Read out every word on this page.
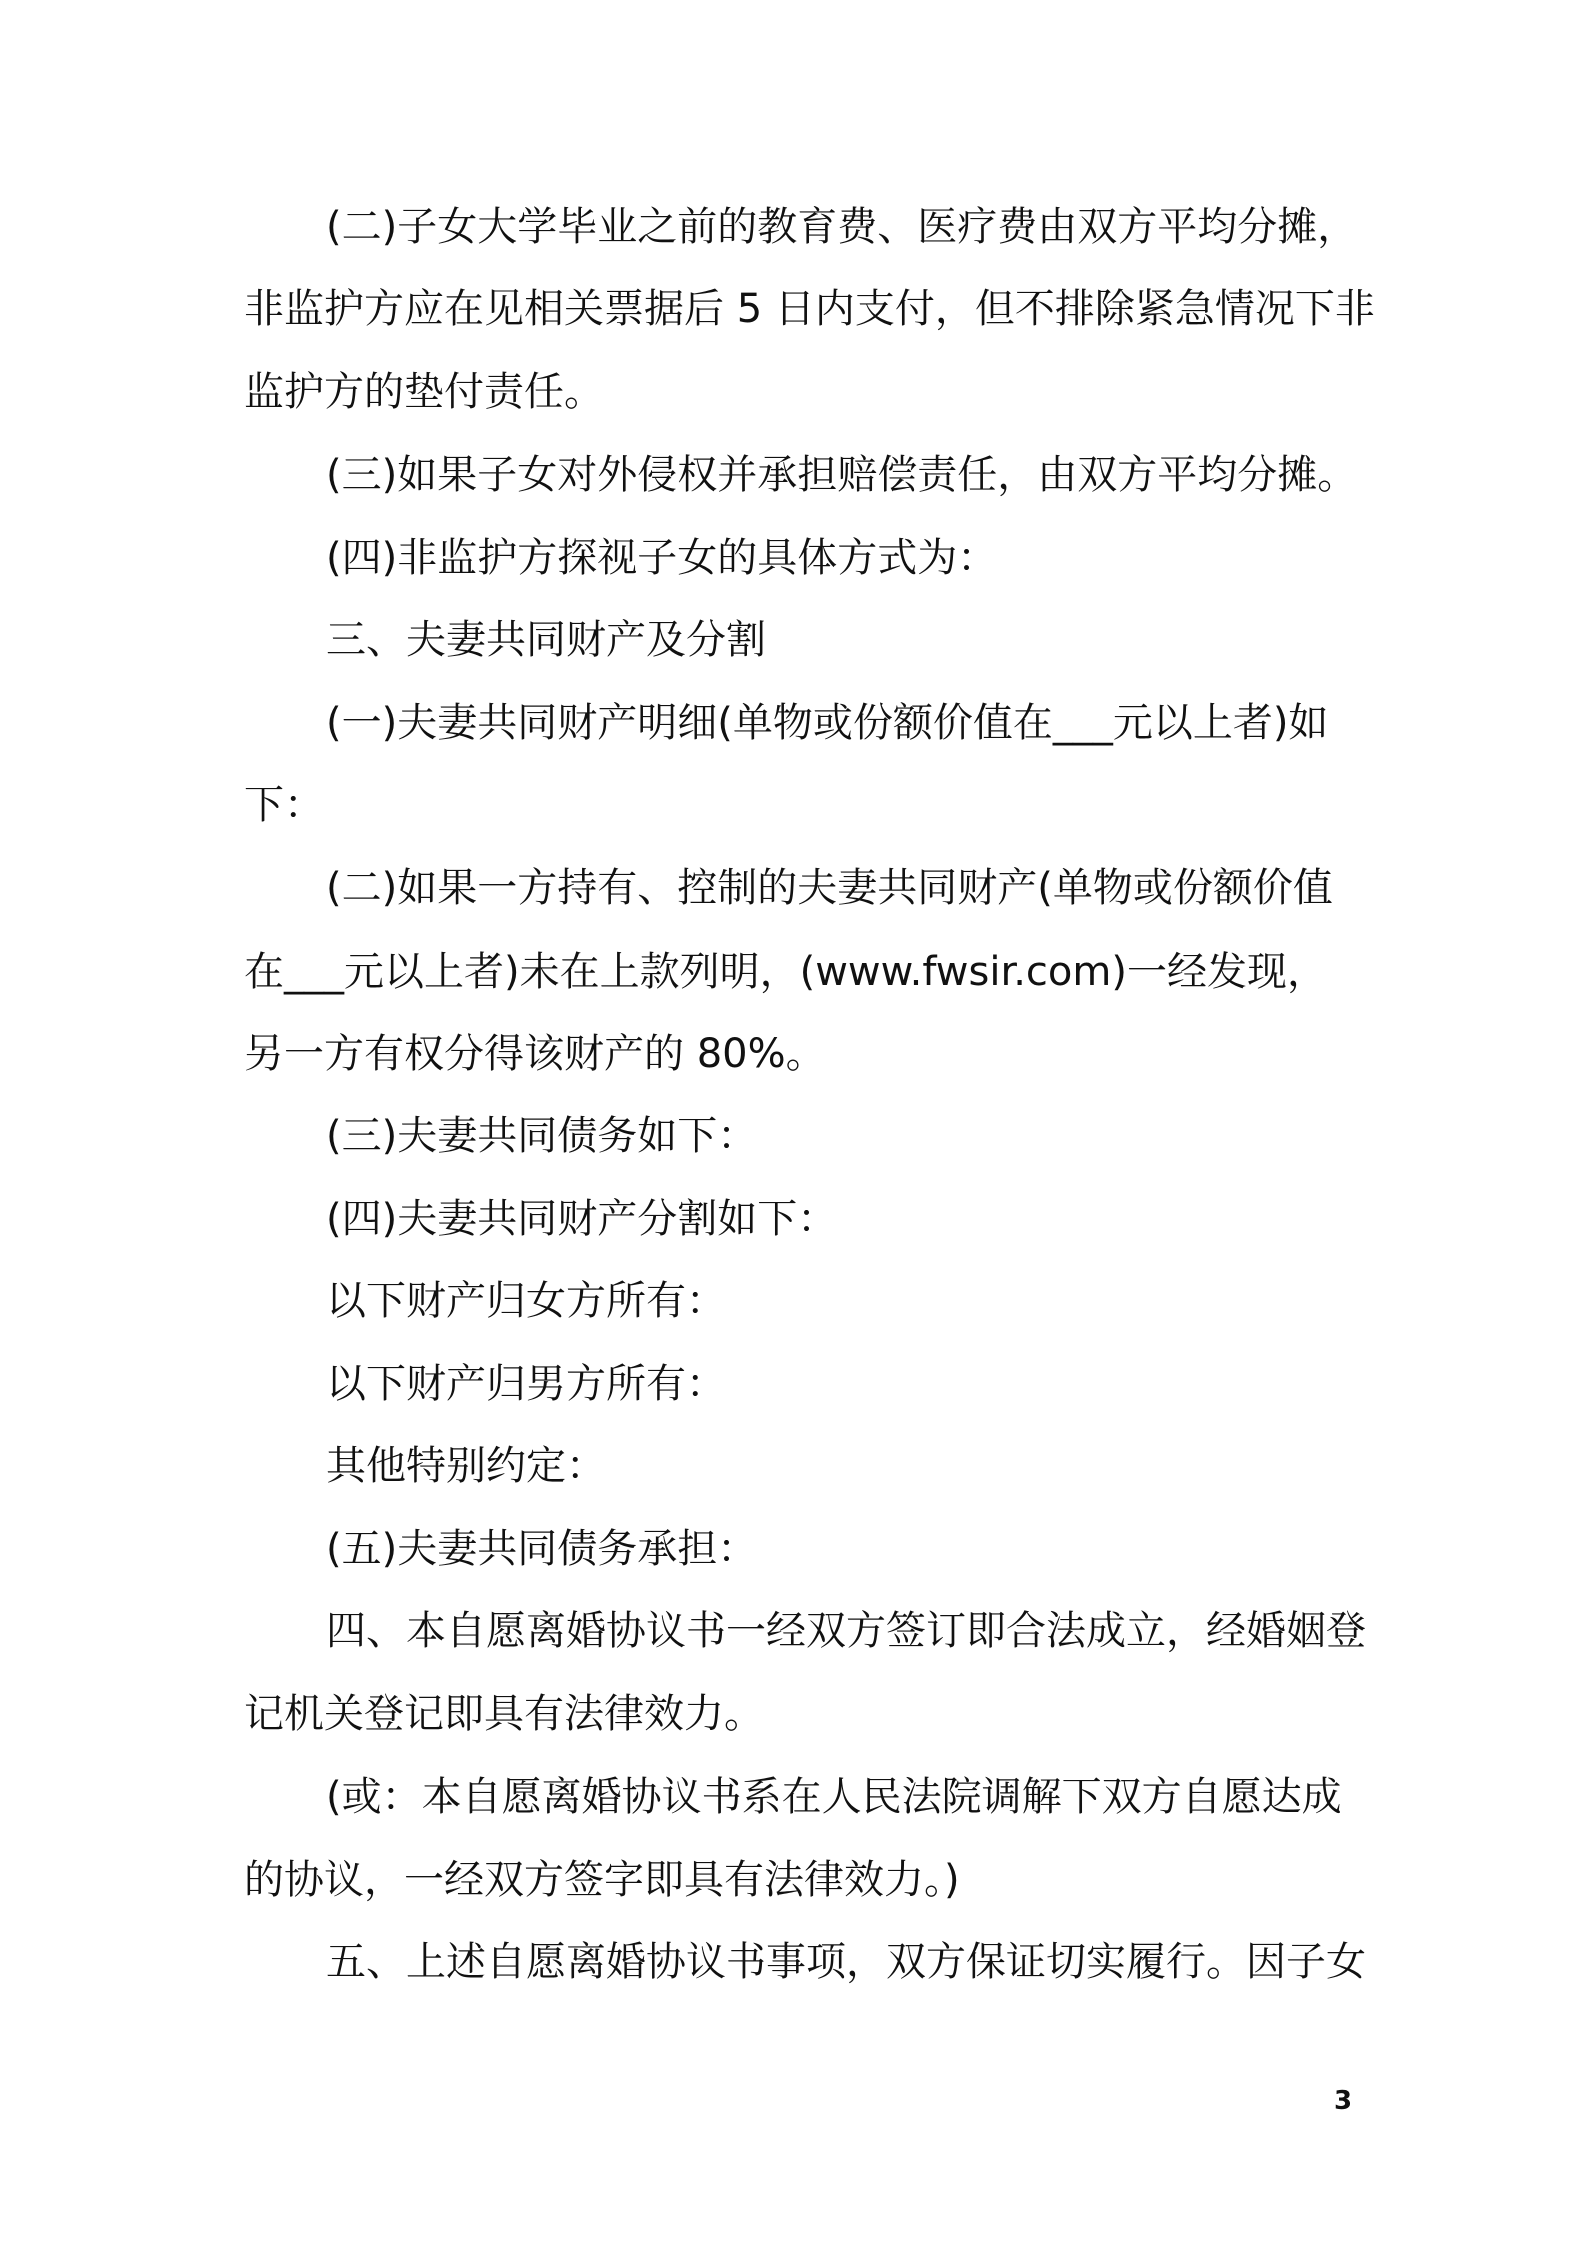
(二)子女大学毕业之前的教育费、医疗费由双方平均分摊，
非监护方应在见相关票据后 5 日内支付，但不排除紧急情况下非
监护方的垫付责任。
(三)如果子女对外侵权并承担赔偿责任，由双方平均分摊。
(四)非监护方探视子女的具体方式为：
三、夫妻共同财产及分割
(一)夫妻共同财产明细(单物或份额价值在___元以上者)如
下：
(二)如果一方持有、控制的夫妻共同财产(单物或份额价值
在___元以上者)未在上款列明，(www.fwsir.com)一经发现，
另一方有权分得该财产的 80%。
(三)夫妻共同债务如下：
(四)夫妻共同财产分割如下：
以下财产归女方所有：
以下财产归男方所有：
其他特别约定：
(五)夫妻共同债务承担：
四、本自愿离婚协议书一经双方签订即合法成立，经婚姻登
记机关登记即具有法律效力。
(或：本自愿离婚协议书系在人民法院调解下双方自愿达成
的协议，一经双方签字即具有法律效力。)
五、上述自愿离婚协议书事项，双方保证切实履行。因子女
3
